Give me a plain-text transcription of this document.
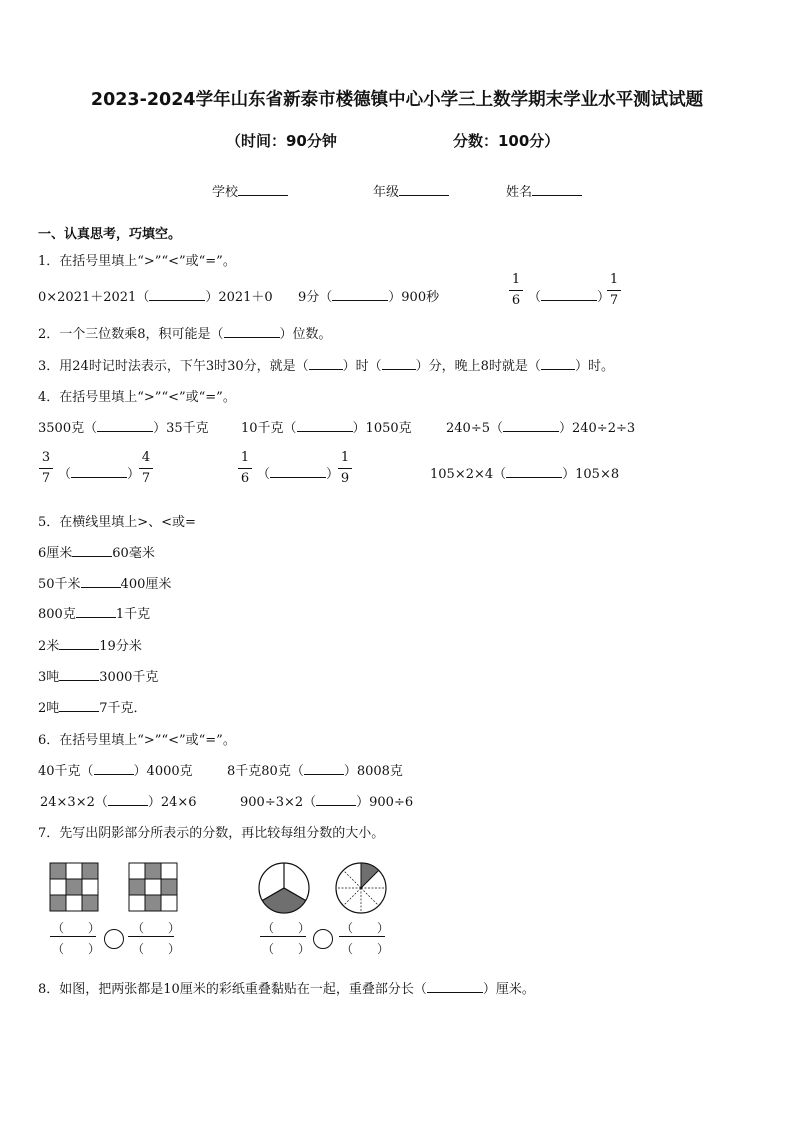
2023-2024学年山东省新泰市楼德镇中心小学三上数学期末学业水平测试试题
（时间：90分钟	分数：100分）
学校	年级	姓名
一、认真思考，巧填空。
1．在括号里填上“>”“<”或“=”。
0×2021＋2021（	）2021＋0 9分（	）900秒
1
6 （	）
1
7
2．一个三位数乘8，积可能是（	）位数。
3．用24时记时法表示，下午3时30分，就是（	）时（	）分，晚上8时就是（	）时。
4．在括号里填上“>”“<”或“=”。
3500克（	）35千克 10千克（	）1050克	240÷5（	）240÷2÷3
3
7 （	）
4
7
1
6 （	）
1
9	105×2×4（	）105×8
5．在横线里填上>、<或=
6厘米	60毫米
50千米	400厘米
800克	1千克
2米	19分米
3吨	3000千克
2吨	7千克．
6．在括号里填上“>”“<”或“=”。
40千克（	）4000克	8千克80克（	）8008克
24×3×2（	）24×6	900÷3×2（	）900÷6
7．先写出阴影部分所表示的分数，再比较每组分数的大小。
（　　）
（　　）
（　　）
（　　）
（　　）
（　　）
（　　）
（　　）
8．如图，把两张都是10厘米的彩纸重叠黏贴在一起，重叠部分长（	）厘米。
